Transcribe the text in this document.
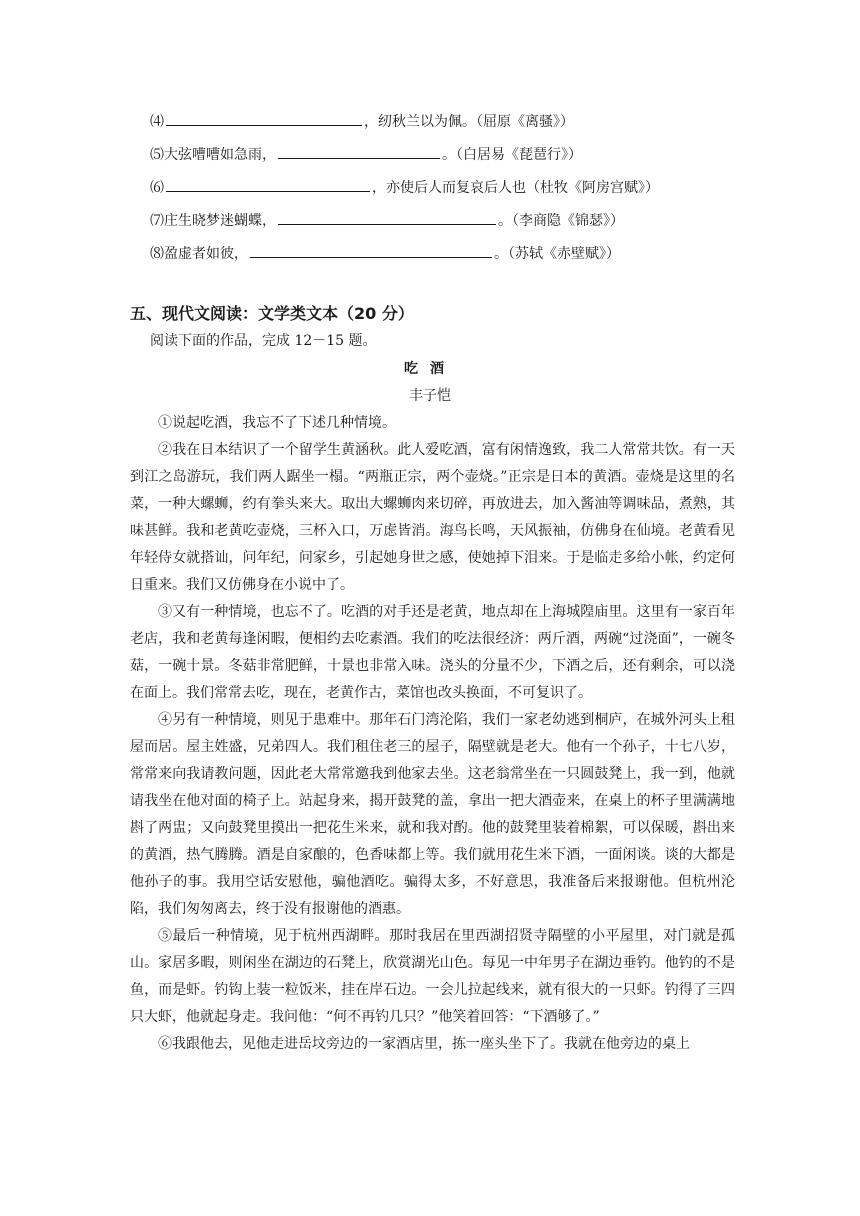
⑷	，纫秋兰以为佩。（屈原《离骚》）
⑸大弦嘈嘈如急雨，	。（白居易《琵琶行》）
⑹	，亦使后人而复哀后人也（杜牧《阿房宫赋》）
⑺庄生晓梦迷蝴蝶，	。（李商隐《锦瑟》）
⑻盈虚者如彼，	。（苏轼《赤壁赋》）
五、现代文阅读：文学类文本（20 分）
阅读下面的作品，完成 12－15 题。
吃酒
丰子恺

①说起吃酒，我忘不了下述几种情境。

②我在日本结识了一个留学生黄涵秋。此人爱吃酒，富有闲情逸致，我二人常常共饮。有一天到江之岛游玩，我们两人踞坐一榻。“两瓶正宗，两个壶烧。”正宗是日本的黄酒。壶烧是这里的名菜，一种大螺蛳，约有拳头来大。取出大螺蛳肉来切碎，再放进去，加入酱油等调味品，煮熟，其味甚鲜。我和老黄吃壶烧，三杯入口，万虑皆消。海鸟长鸣，天风振袖，仿佛身在仙境。老黄看见年轻侍女就搭讪，问年纪，问家乡，引起她身世之感，使她掉下泪来。于是临走多给小帐，约定何日重来。我们又仿佛身在小说中了。

③又有一种情境，也忘不了。吃酒的对手还是老黄，地点却在上海城隍庙里。这里有一家百年老店，我和老黄每逢闲暇，便相约去吃素酒。我们的吃法很经济：两斤酒，两碗“过浇面”，一碗冬菇，一碗十景。冬菇非常肥鲜，十景也非常入味。浇头的分量不少，下酒之后，还有剩余，可以浇在面上。我们常常去吃，现在，老黄作古，菜馆也改头换面，不可复识了。

④另有一种情境，则见于患难中。那年石门湾沦陷，我们一家老幼逃到桐庐，在城外河头上租屋而居。屋主姓盛，兄弟四人。我们租住老三的屋子，隔壁就是老大。他有一个孙子，十七八岁，常常来向我请教问题，因此老大常常邀我到他家去坐。这老翁常坐在一只圆鼓凳上，我一到，他就请我坐在他对面的椅子上。站起身来，揭开鼓凳的盖，拿出一把大酒壶来，在桌上的杯子里满满地斟了两盅；又向鼓凳里摸出一把花生米来，就和我对酌。他的鼓凳里装着棉絮，可以保暖，斟出来的黄酒，热气腾腾。酒是自家酿的，色香味都上等。我们就用花生米下酒，一面闲谈。谈的大都是他孙子的事。我用空话安慰他，骗他酒吃。骗得太多，不好意思，我准备后来报谢他。但杭州沦陷，我们匆匆离去，终于没有报谢他的酒惠。

⑤最后一种情境，见于杭州西湖畔。那时我居在里西湖招贤寺隔壁的小平屋里，对门就是孤山。家居多暇，则闲坐在湖边的石凳上，欣赏湖光山色。每见一中年男子在湖边垂钓。他钓的不是鱼，而是虾。钓钩上装一粒饭米，挂在岸石边。一会儿拉起线来，就有很大的一只虾。钓得了三四只大虾，他就起身走。我问他：“何不再钓几只？”他笑着回答：“下酒够了。”

⑥我跟他去，见他走进岳坟旁边的一家酒店里，拣一座头坐下了。我就在他旁边的桌上
